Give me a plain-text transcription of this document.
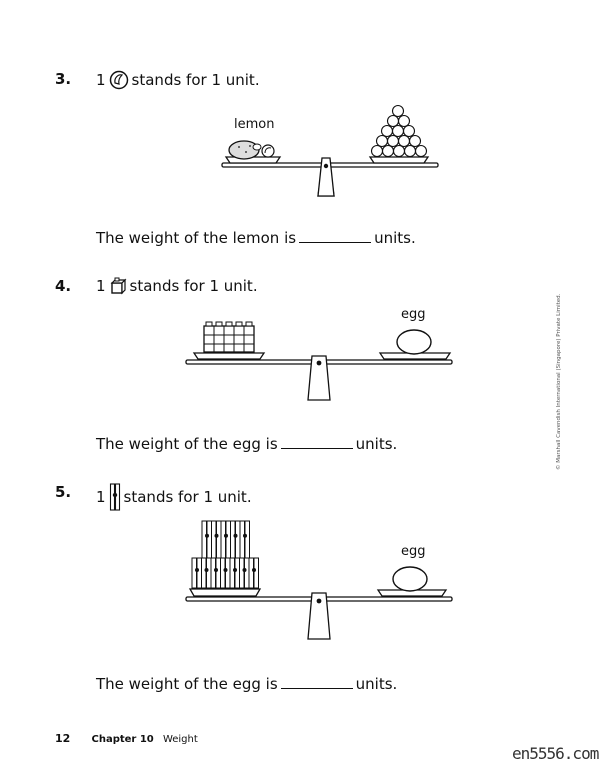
3. 1 stands for 1 unit.
lemon
The weight of the lemon is	units.
4. 1 stands for 1 unit.
egg
The weight of the egg is	units.
5. 1 stands for 1 unit.
egg
The weight of the egg is	units.
12 Chapter 10 Weight
© Marshall Cavendish International (Singapore) Private Limited.
en5556.com
